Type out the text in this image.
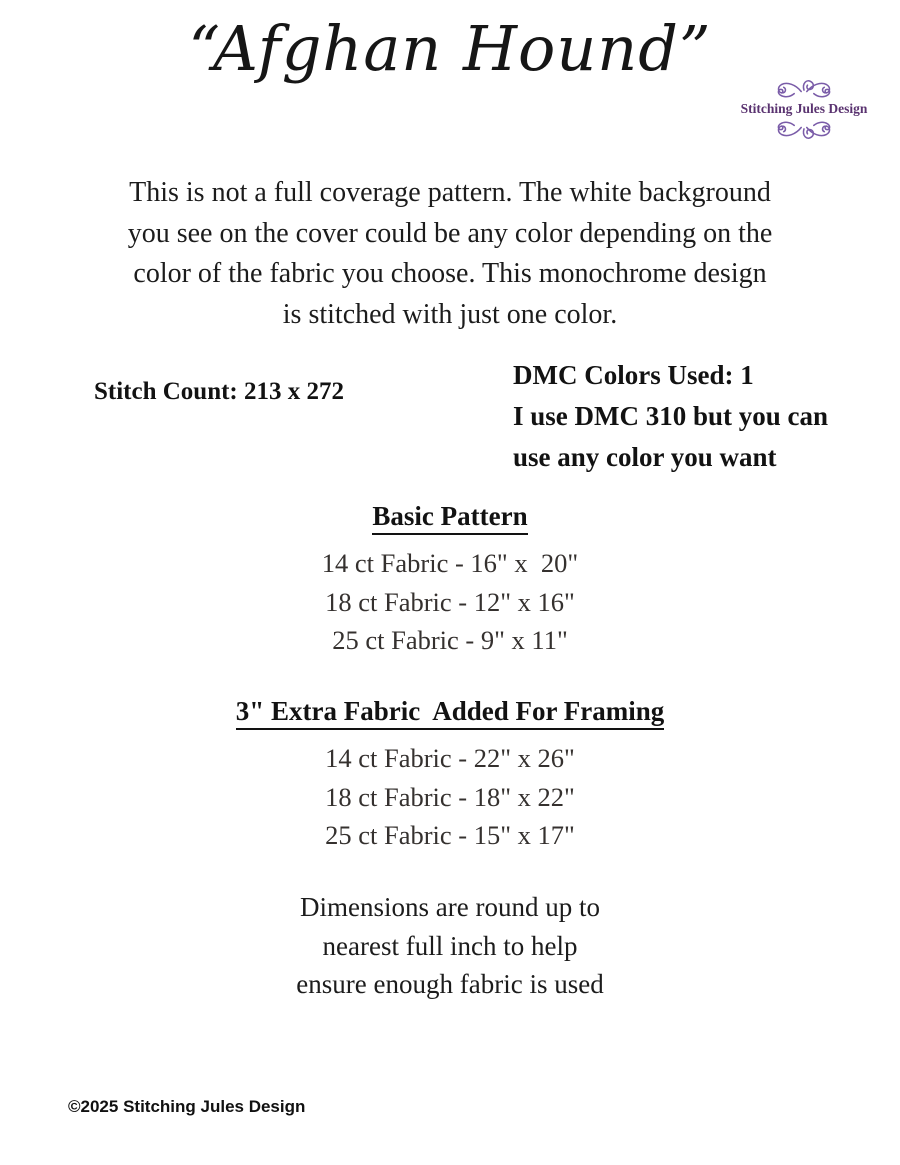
“Afghan Hound”
Stitching Jules Design
This is not a full coverage pattern. The white background
you see on the cover could be any color depending on the
color of the fabric you choose. This monochrome design
is stitched with just one color.
Stitch Count: 213 x 272
DMC Colors Used: 1
I use DMC 310 but you can
use any color you want
Basic Pattern
14 ct Fabric - 16" x  20"
18 ct Fabric - 12" x 16"
25 ct Fabric - 9" x 11"
3" Extra Fabric  Added For Framing
14 ct Fabric - 22" x 26"
18 ct Fabric - 18" x 22"
25 ct Fabric - 15" x 17"
Dimensions are round up to
nearest full inch to help
ensure enough fabric is used
©2025 Stitching Jules Design
